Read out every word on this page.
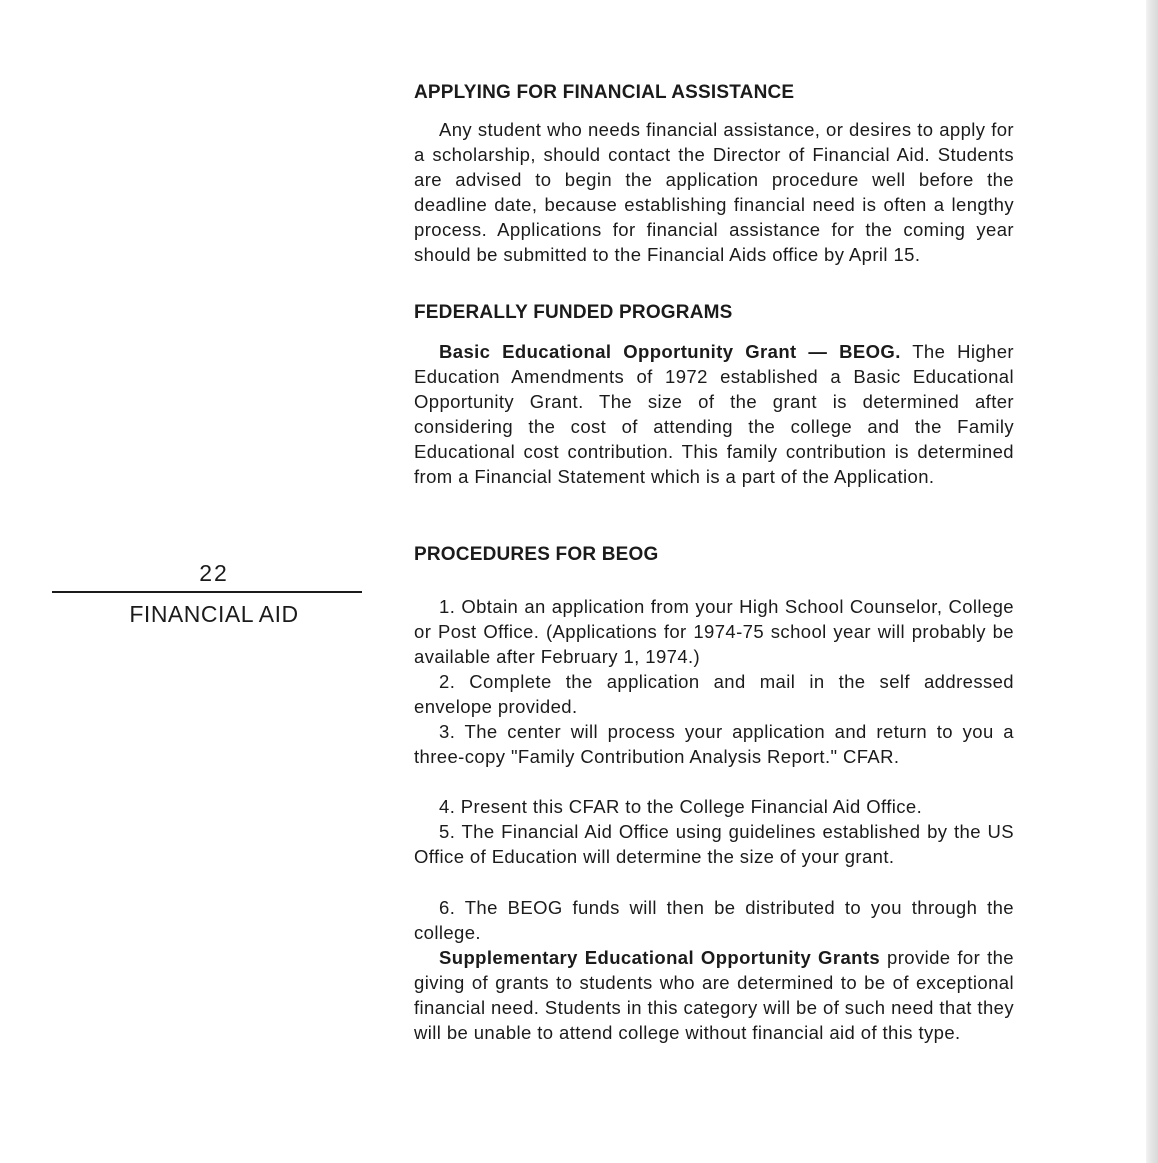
22
FINANCIAL AID
APPLYING FOR FINANCIAL ASSISTANCE
Any student who needs financial assistance, or desires to apply for a scholarship, should contact the Director of Financial Aid. Students are advised to begin the application procedure well before the deadline date, because establishing financial need is often a lengthy process. Applications for financial assistance for the coming year should be submitted to the Financial Aids office by April 15.
FEDERALLY FUNDED PROGRAMS
Basic Educational Opportunity Grant — BEOG. The Higher Education Amendments of 1972 established a Basic Educational Opportunity Grant. The size of the grant is determined after considering the cost of attending the college and the Family Educational cost contribution. This family contribution is determined from a Financial Statement which is a part of the Application.
PROCEDURES FOR BEOG
1. Obtain an application from your High School Counselor, College or Post Office. (Applications for 1974-75 school year will probably be available after February 1, 1974.)
2. Complete the application and mail in the self addressed envelope provided.
3. The center will process your application and return to you a three-copy "Family Contribution Analysis Report." CFAR.
4. Present this CFAR to the College Financial Aid Office.
5. The Financial Aid Office using guidelines established by the US Office of Education will determine the size of your grant.
6. The BEOG funds will then be distributed to you through the college.
Supplementary Educational Opportunity Grants provide for the giving of grants to students who are determined to be of exceptional financial need. Students in this category will be of such need that they will be unable to attend college without financial aid of this type.
